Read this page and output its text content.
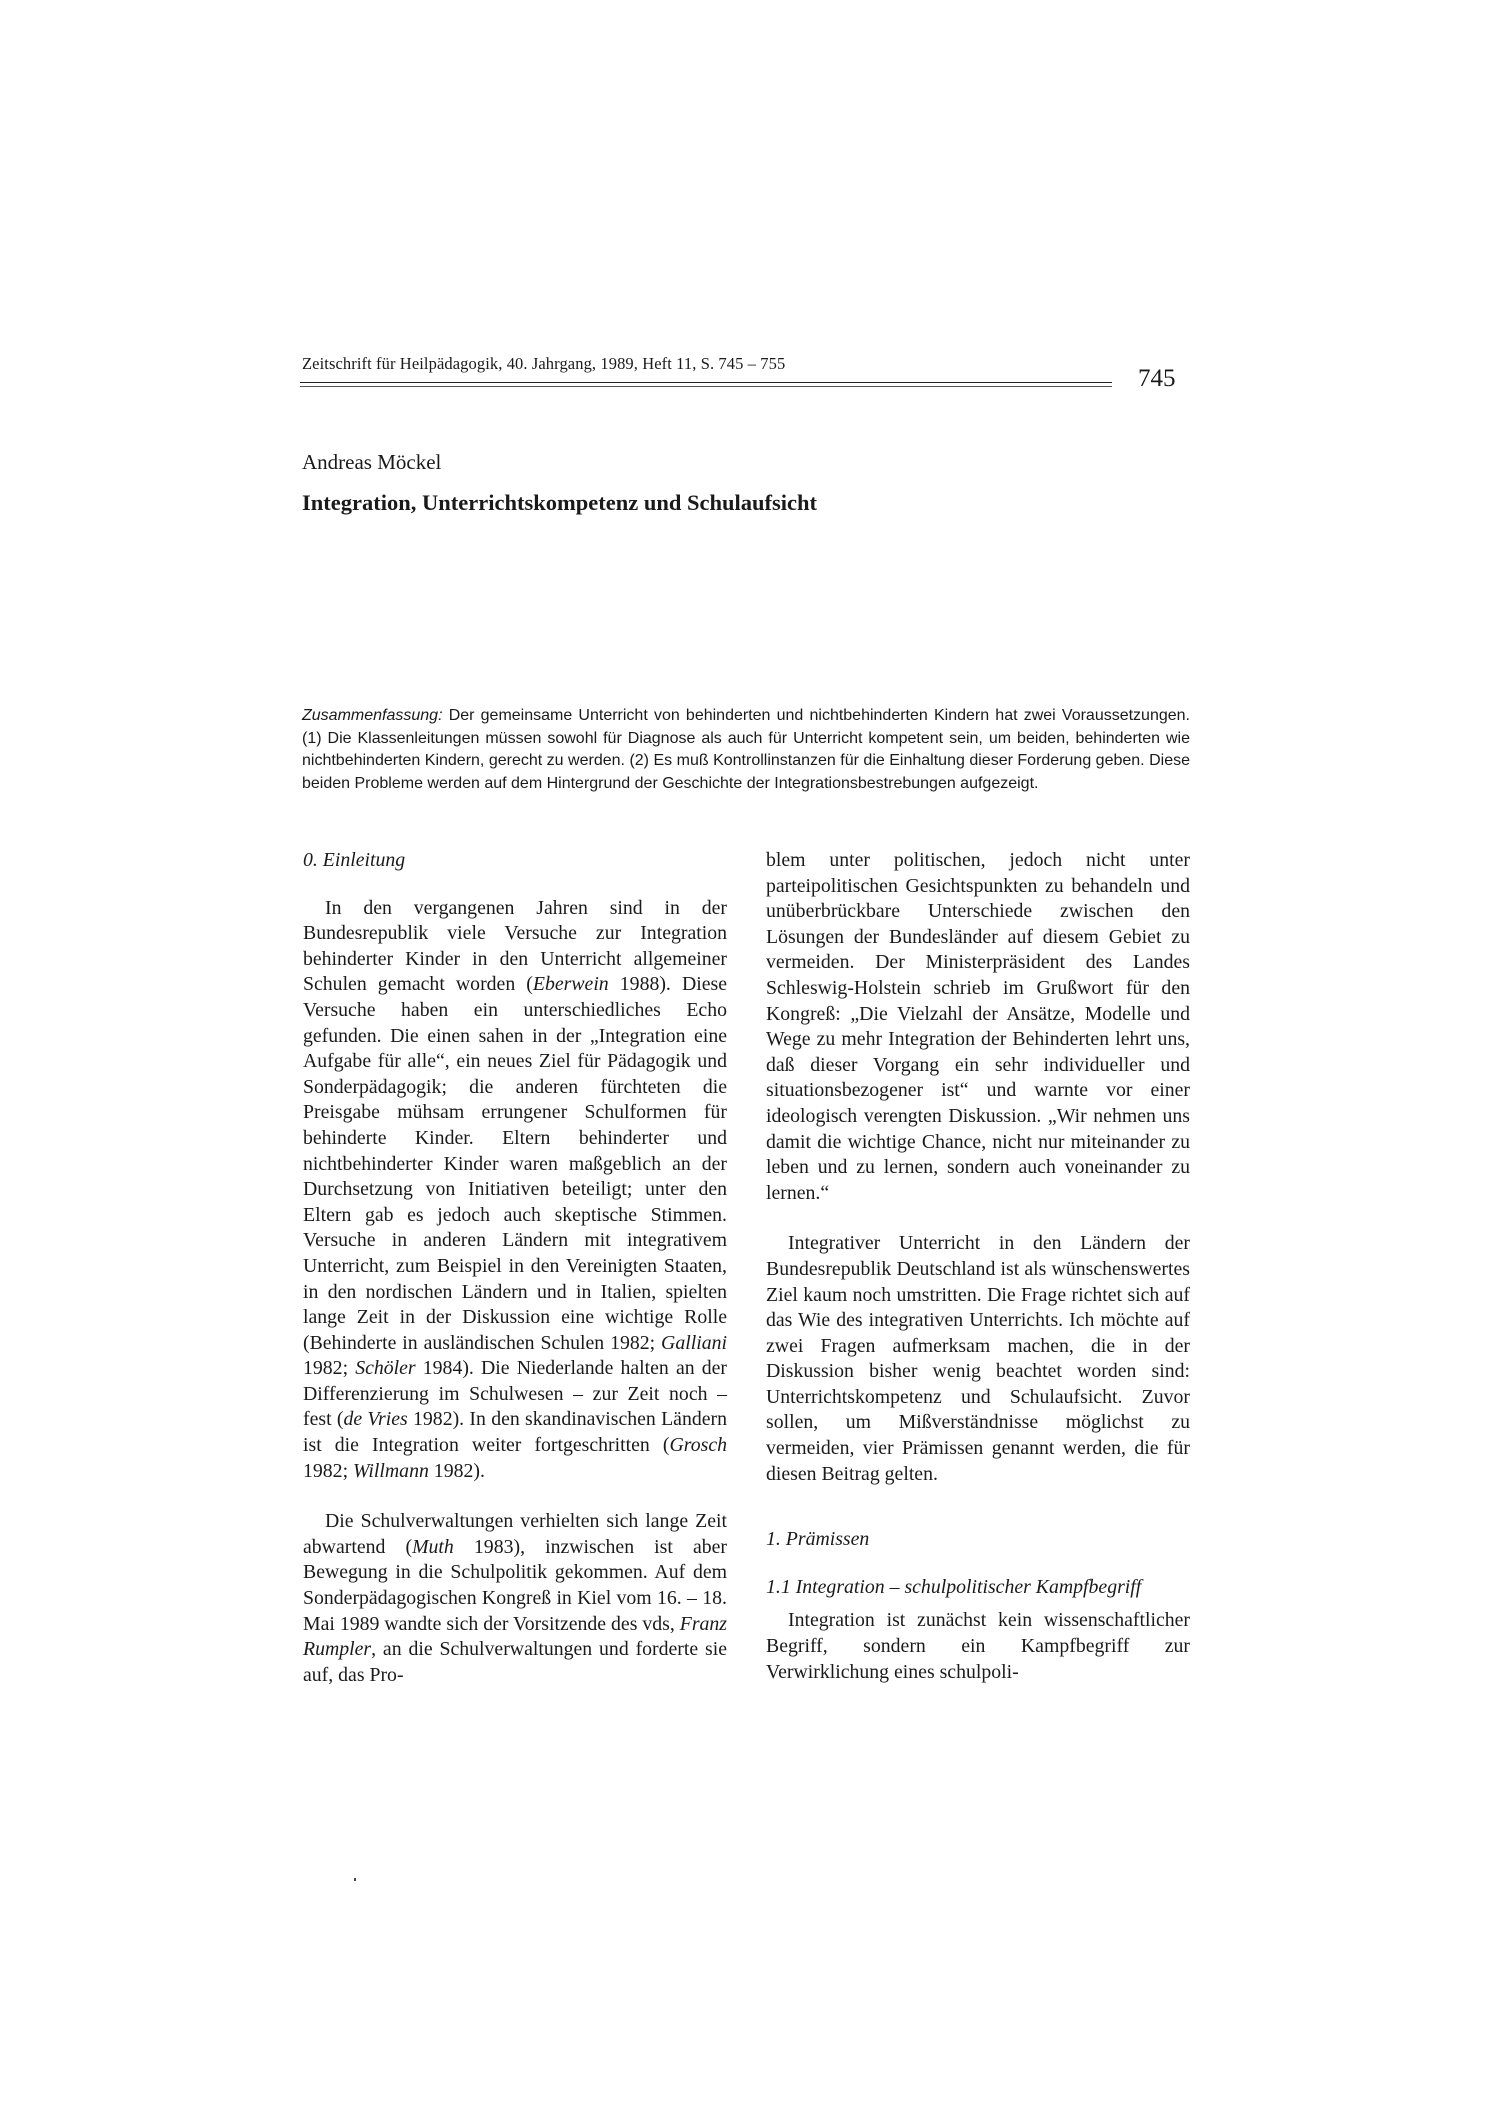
Zeitschrift für Heilpädagogik, 40. Jahrgang, 1989, Heft 11, S. 745 – 755
745
Andreas Möckel
Integration, Unterrichtskompetenz und Schulaufsicht
Zusammenfassung: Der gemeinsame Unterricht von behinderten und nichtbehinderten Kindern hat zwei Voraussetzungen. (1) Die Klassenleitungen müssen sowohl für Diagnose als auch für Unterricht kompetent sein, um beiden, behinderten wie nichtbehinderten Kindern, gerecht zu werden. (2) Es muß Kontrollinstanzen für die Einhaltung dieser Forderung geben. Diese beiden Probleme werden auf dem Hintergrund der Geschichte der Integrationsbestrebungen aufgezeigt.
0. Einleitung

In den vergangenen Jahren sind in der Bundesrepublik viele Versuche zur Integration behinderter Kinder in den Unterricht allgemeiner Schulen gemacht worden (Eberwein 1988). Diese Versuche haben ein unterschiedliches Echo gefunden. Die einen sahen in der „Integration eine Aufgabe für alle“, ein neues Ziel für Pädagogik und Sonderpädagogik; die anderen fürchteten die Preisgabe mühsam errungener Schulformen für behinderte Kinder. Eltern behinderter und nichtbehinderter Kinder waren maßgeblich an der Durchsetzung von Initiativen beteiligt; unter den Eltern gab es jedoch auch skeptische Stimmen. Versuche in anderen Ländern mit integrativem Unterricht, zum Beispiel in den Vereinigten Staaten, in den nordischen Ländern und in Italien, spielten lange Zeit in der Diskussion eine wichtige Rolle (Behinderte in ausländischen Schulen 1982; Galliani 1982; Schöler 1984). Die Niederlande halten an der Differenzierung im Schulwesen – zur Zeit noch – fest (de Vries 1982). In den skandinavischen Ländern ist die Integration weiter fortgeschritten (Grosch 1982; Willmann 1982).

Die Schulverwaltungen verhielten sich lange Zeit abwartend (Muth 1983), inzwischen ist aber Bewegung in die Schulpolitik gekommen. Auf dem Sonderpädagogischen Kongreß in Kiel vom 16. – 18. Mai 1989 wandte sich der Vorsitzende des vds, Franz Rumpler, an die Schulverwaltungen und forderte sie auf, das Pro-

blem unter politischen, jedoch nicht unter parteipolitischen Gesichtspunkten zu behandeln und unüberbrückbare Unterschiede zwischen den Lösungen der Bundesländer auf diesem Gebiet zu vermeiden. Der Ministerpräsident des Landes Schleswig-Holstein schrieb im Grußwort für den Kongreß: „Die Vielzahl der Ansätze, Modelle und Wege zu mehr Integration der Behinderten lehrt uns, daß dieser Vorgang ein sehr individueller und situationsbezogener ist“ und warnte vor einer ideologisch verengten Diskussion. „Wir nehmen uns damit die wichtige Chance, nicht nur miteinander zu leben und zu lernen, sondern auch voneinander zu lernen.“

Integrativer Unterricht in den Ländern der Bundesrepublik Deutschland ist als wünschenswertes Ziel kaum noch umstritten. Die Frage richtet sich auf das Wie des integrativen Unterrichts. Ich möchte auf zwei Fragen aufmerksam machen, die in der Diskussion bisher wenig beachtet worden sind: Unterrichtskompetenz und Schulaufsicht. Zuvor sollen, um Mißverständnisse möglichst zu vermeiden, vier Prämissen genannt werden, die für diesen Beitrag gelten.

1. Prämissen
1.1 Integration – schulpolitischer Kampfbegriff

Integration ist zunächst kein wissenschaftlicher Begriff, sondern ein Kampfbegriff zur Verwirklichung eines schulpoli-
